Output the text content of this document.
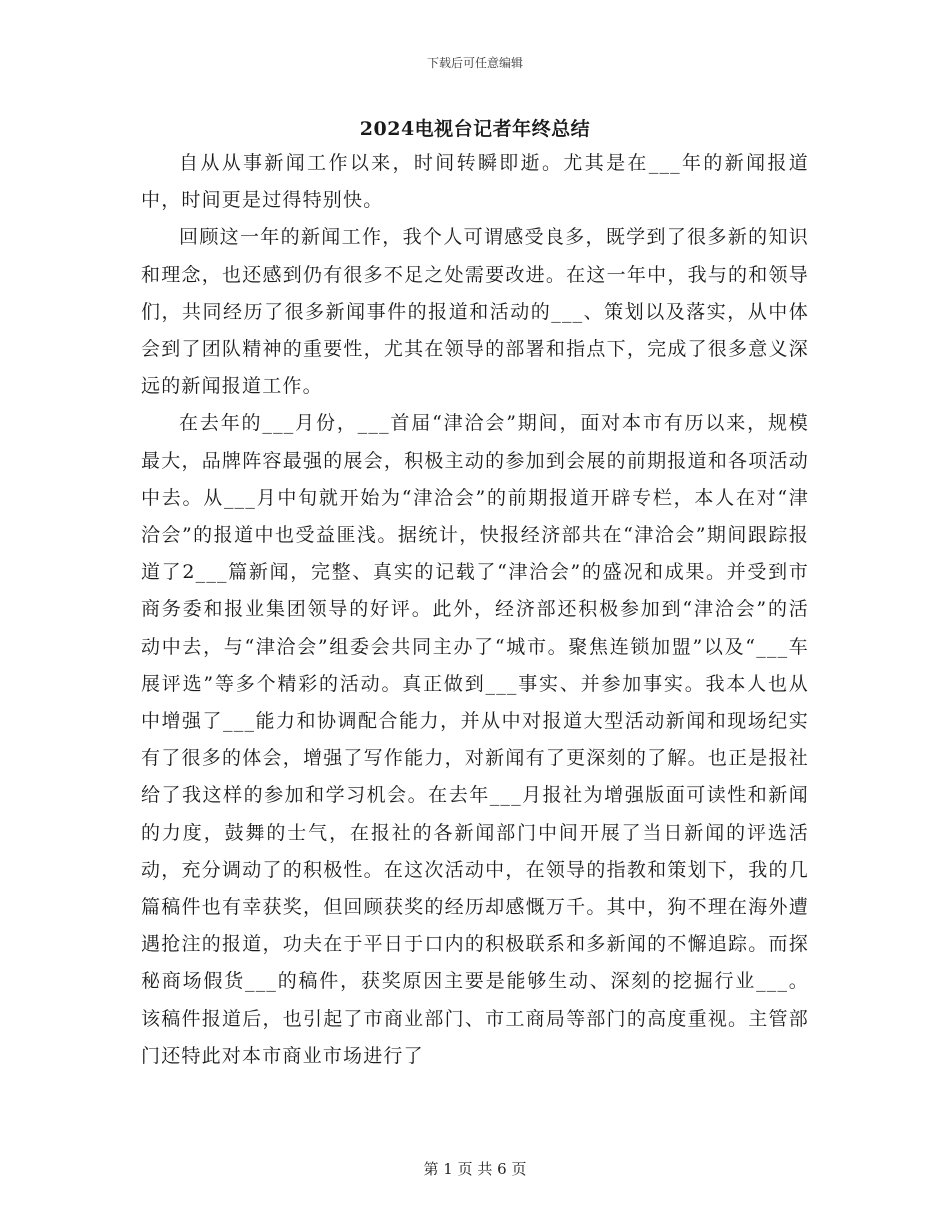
下载后可任意编辑
2024电视台记者年终总结

自从从事新闻工作以来，时间转瞬即逝。尤其是在___年的新闻报道中，时间更是过得特别快。

回顾这一年的新闻工作，我个人可谓感受良多，既学到了很多新的知识和理念，也还感到仍有很多不足之处需要改进。在这一年中，我与的和领导们，共同经历了很多新闻事件的报道和活动的___、策划以及落实，从中体会到了团队精神的重要性，尤其在领导的部署和指点下，完成了很多意义深远的新闻报道工作。

在去年的___月份，___首届“津洽会”期间，面对本市有历以来，规模最大，品牌阵容最强的展会，积极主动的参加到会展的前期报道和各项活动中去。从___月中旬就开始为“津洽会”的前期报道开辟专栏，本人在对“津洽会”的报道中也受益匪浅。据统计，快报经济部共在“津洽会”期间跟踪报道了2___篇新闻，完整、真实的记载了“津洽会”的盛况和成果。并受到市商务委和报业集团领导的好评。此外，经济部还积极参加到“津洽会”的活动中去，与“津洽会”组委会共同主办了“城市。聚焦连锁加盟”以及“___车展评选”等多个精彩的活动。真正做到___事实、并参加事实。我本人也从中增强了___能力和协调配合能力，并从中对报道大型活动新闻和现场纪实有了很多的体会，增强了写作能力，对新闻有了更深刻的了解。也正是报社给了我这样的参加和学习机会。在去年___月报社为增强版面可读性和新闻的力度，鼓舞的士气，在报社的各新闻部门中间开展了当日新闻的评选活动，充分调动了的积极性。在这次活动中，在领导的指教和策划下，我的几篇稿件也有幸获奖，但回顾获奖的经历却感慨万千。其中，狗不理在海外遭遇抢注的报道，功夫在于平日于口内的积极联系和多新闻的不懈追踪。而探秘商场假货___的稿件，获奖原因主要是能够生动、深刻的挖掘行业___。该稿件报道后，也引起了市商业部门、市工商局等部门的高度重视。主管部门还特此对本市商业市场进行了

第 1 页 共 6 页
